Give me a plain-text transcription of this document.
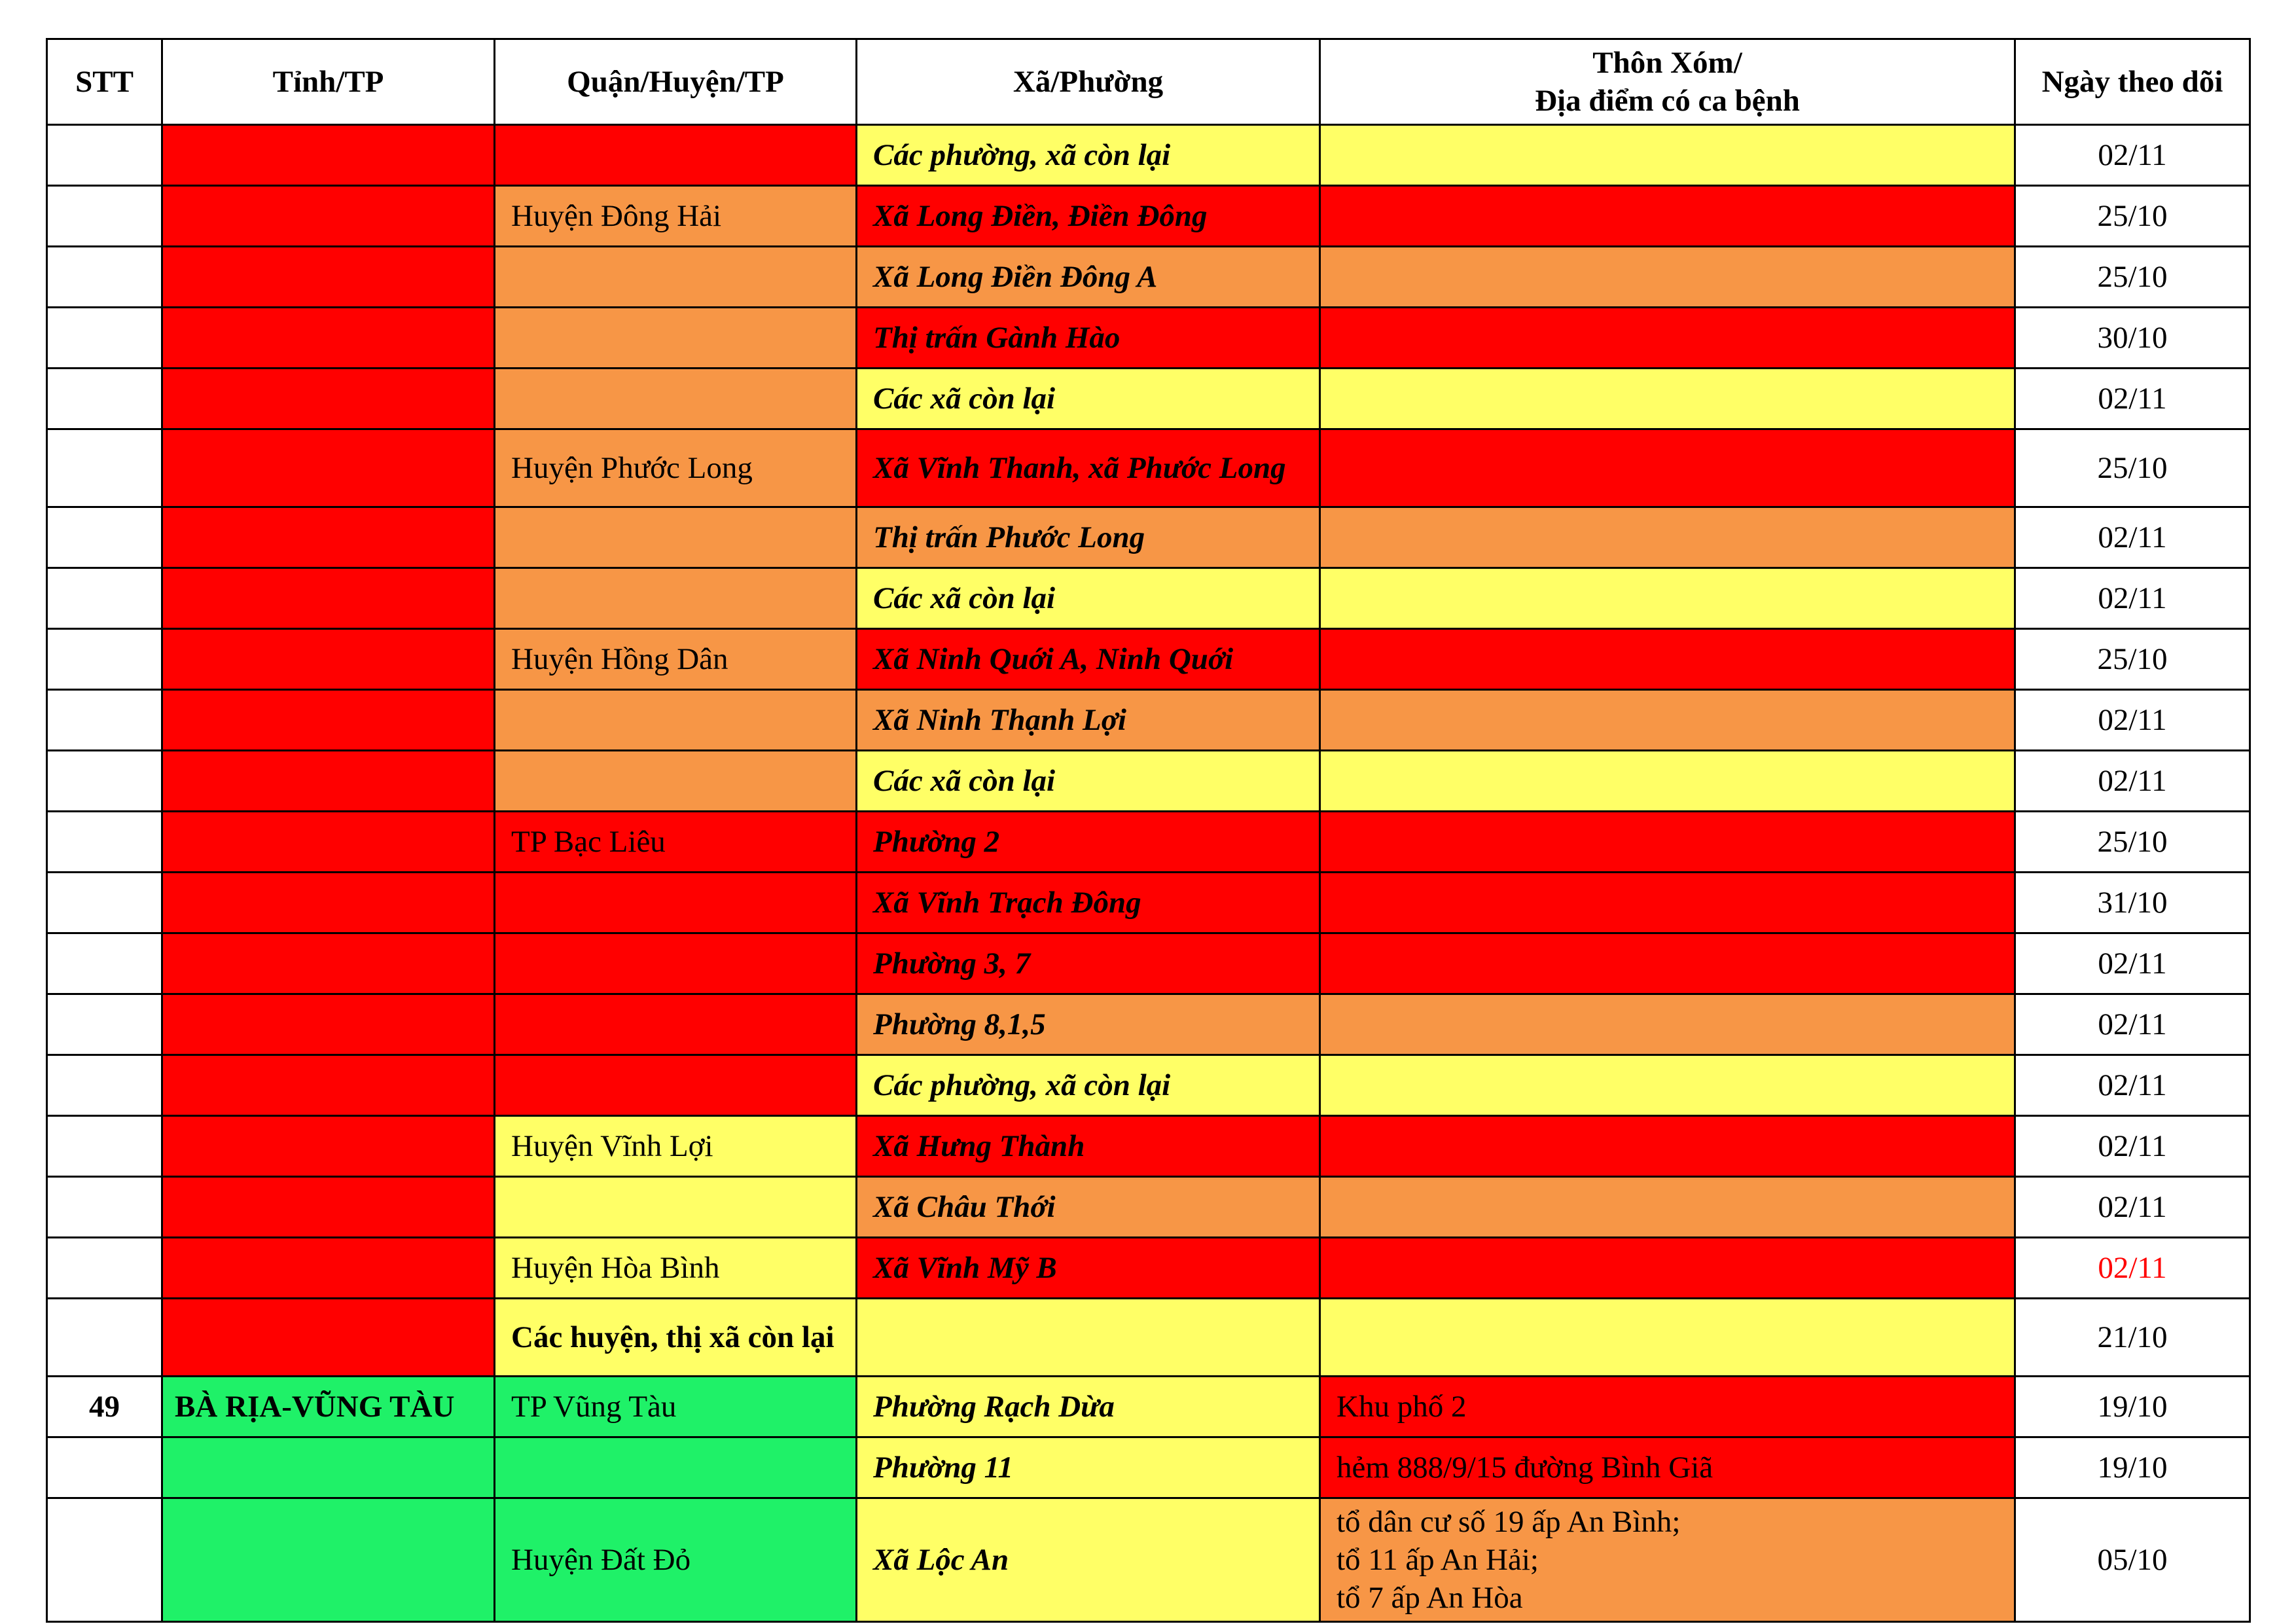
STT	Tỉnh/TP	Quận/Huyện/TP	Xã/Phường	Thôn Xóm/
Địa điểm có ca bệnh	Ngày theo dõi
			Các phường, xã còn lại		02/11
		Huyện Đông Hải	Xã Long Điền, Điền Đông		25/10
			Xã Long Điền Đông A		25/10
			Thị trấn Gành Hào		30/10
			Các xã còn lại		02/11
		Huyện Phước Long	Xã Vĩnh Thanh, xã Phước Long		25/10
			Thị trấn Phước Long		02/11
			Các xã còn lại		02/11
		Huyện Hồng Dân	Xã Ninh Quới A, Ninh Quới		25/10
			Xã Ninh Thạnh Lợi		02/11
			Các xã còn lại		02/11
		TP Bạc Liêu	Phường 2		25/10
			Xã Vĩnh Trạch Đông		31/10
			Phường 3, 7		02/11
			Phường 8,1,5		02/11
			Các phường, xã còn lại		02/11
		Huyện Vĩnh Lợi	Xã Hưng Thành		02/11
			Xã Châu Thới		02/11
		Huyện Hòa Bình	Xã Vĩnh Mỹ B		02/11
		Các huyện, thị xã còn lại			21/10
49	BÀ RỊA-VŨNG TÀU	TP Vũng Tàu	Phường Rạch Dừa	Khu phố 2	19/10
			Phường 11	hẻm 888/9/15 đường Bình Giã	19/10
		Huyện Đất Đỏ	Xã Lộc An	tổ dân cư số 19 ấp An Bình;
tổ 11 ấp An Hải;
tổ 7 ấp An Hòa	05/10
